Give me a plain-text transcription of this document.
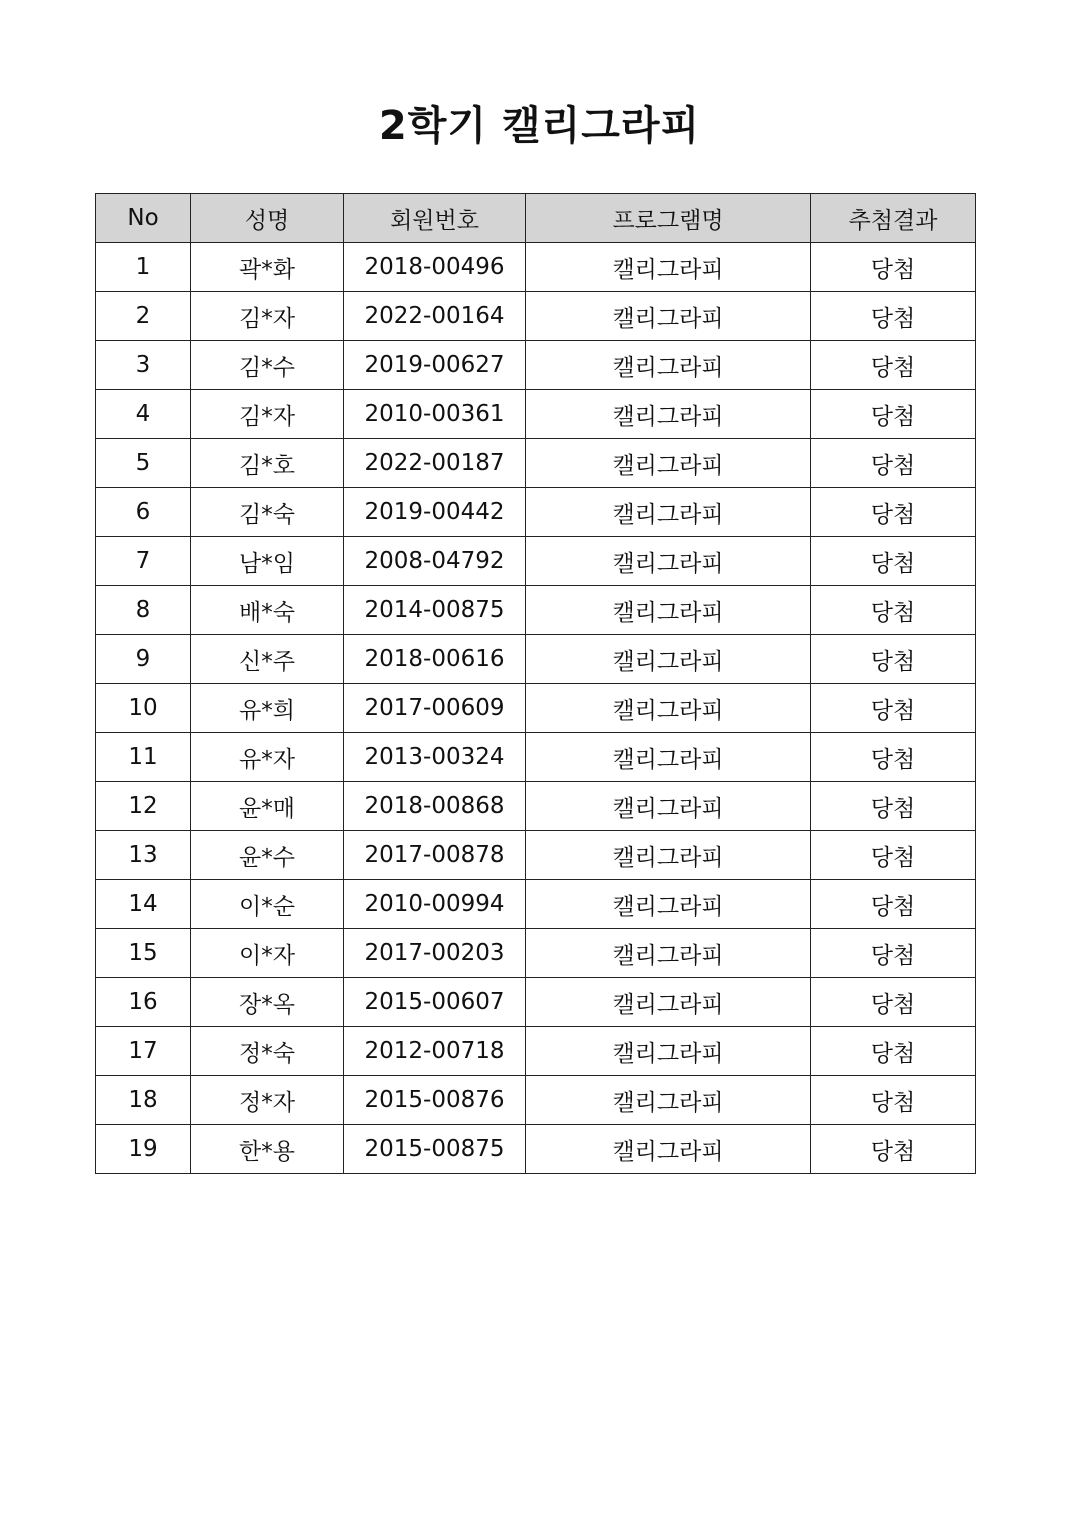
2학기 캘리그라피
No	성명	회원번호	프로그램명	추첨결과
1	곽*화	2018-00496	캘리그라피	당첨
2	김*자	2022-00164	캘리그라피	당첨
3	김*수	2019-00627	캘리그라피	당첨
4	김*자	2010-00361	캘리그라피	당첨
5	김*호	2022-00187	캘리그라피	당첨
6	김*숙	2019-00442	캘리그라피	당첨
7	남*임	2008-04792	캘리그라피	당첨
8	배*숙	2014-00875	캘리그라피	당첨
9	신*주	2018-00616	캘리그라피	당첨
10	유*희	2017-00609	캘리그라피	당첨
11	유*자	2013-00324	캘리그라피	당첨
12	윤*매	2018-00868	캘리그라피	당첨
13	윤*수	2017-00878	캘리그라피	당첨
14	이*순	2010-00994	캘리그라피	당첨
15	이*자	2017-00203	캘리그라피	당첨
16	장*옥	2015-00607	캘리그라피	당첨
17	정*숙	2012-00718	캘리그라피	당첨
18	정*자	2015-00876	캘리그라피	당첨
19	한*용	2015-00875	캘리그라피	당첨
